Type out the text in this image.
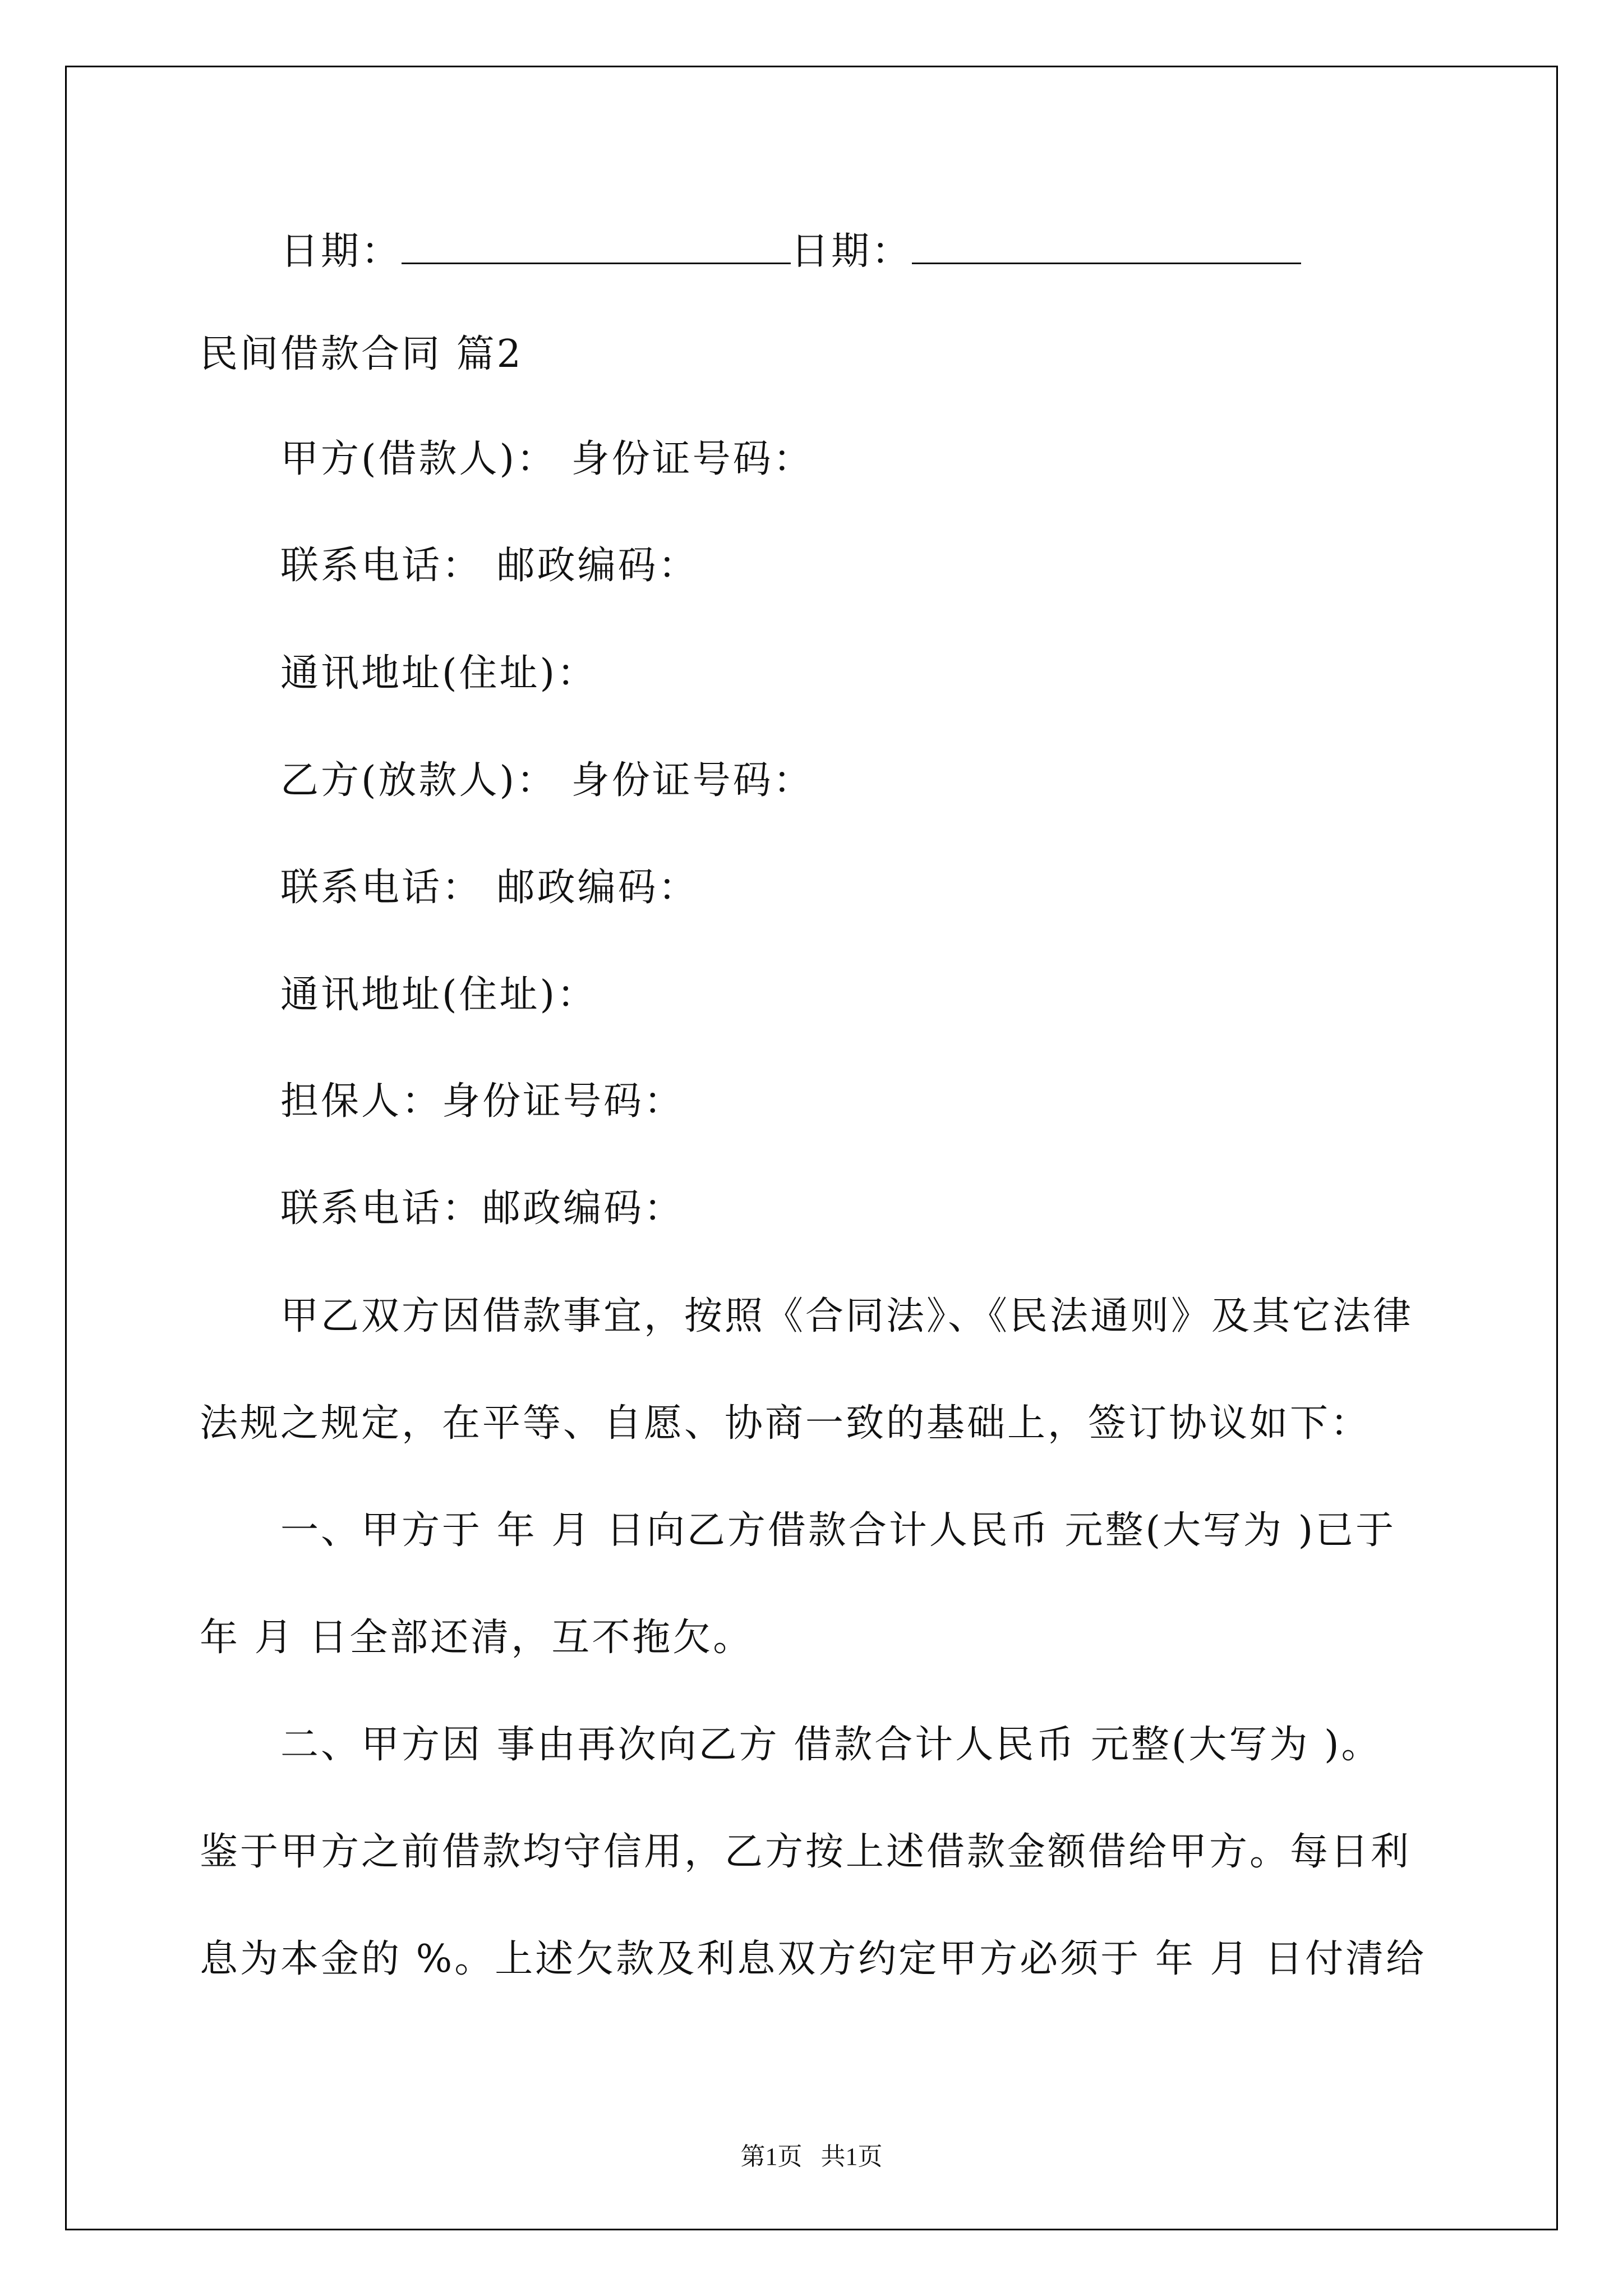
日期：	日期：
民间借款合同 篇2
甲方(借款人)： 身份证号码：
联系电话： 邮政编码：
通讯地址(住址)：
乙方(放款人)： 身份证号码：
联系电话： 邮政编码：
通讯地址(住址)：
担保人：身份证号码：
联系电话：邮政编码：
甲乙双方因借款事宜，按照《合同法》、《民法通则》及其它法律
法规之规定，在平等、自愿、协商一致的基础上，签订协议如下：
一、甲方于 年 月 日向乙方借款合计人民币 元整(大写为 )已于
年 月 日全部还清，互不拖欠。
二、甲方因 事由再次向乙方 借款合计人民币 元整(大写为 )。
鉴于甲方之前借款均守信用，乙方按上述借款金额借给甲方。每日利
息为本金的 %。上述欠款及利息双方约定甲方必须于 年 月 日付清给
第1页   共1页
